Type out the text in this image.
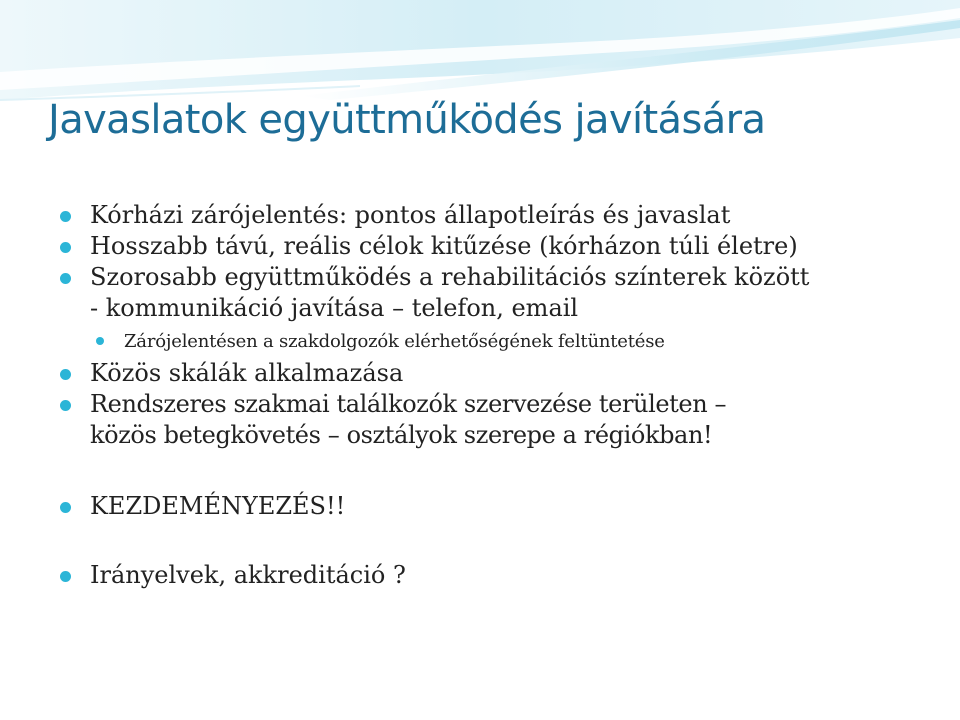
Javaslatok együttműködés javítására
Kórházi zárójelentés: pontos állapotleírás és javaslat
Hosszabb távú, reális célok kitűzése (kórházon túli életre)
Szorosabb együttműködés a rehabilitációs színterek között
- kommunikáció javítása – telefon, email
Zárójelentésen a szakdolgozók elérhetőségének feltüntetése
Közös skálák alkalmazása
Rendszeres szakmai találkozók szervezése területen –
közös betegkövetés – osztályok szerepe a régiókban!
KEZDEMÉNYEZÉS!!
Irányelvek, akkreditáció ?
